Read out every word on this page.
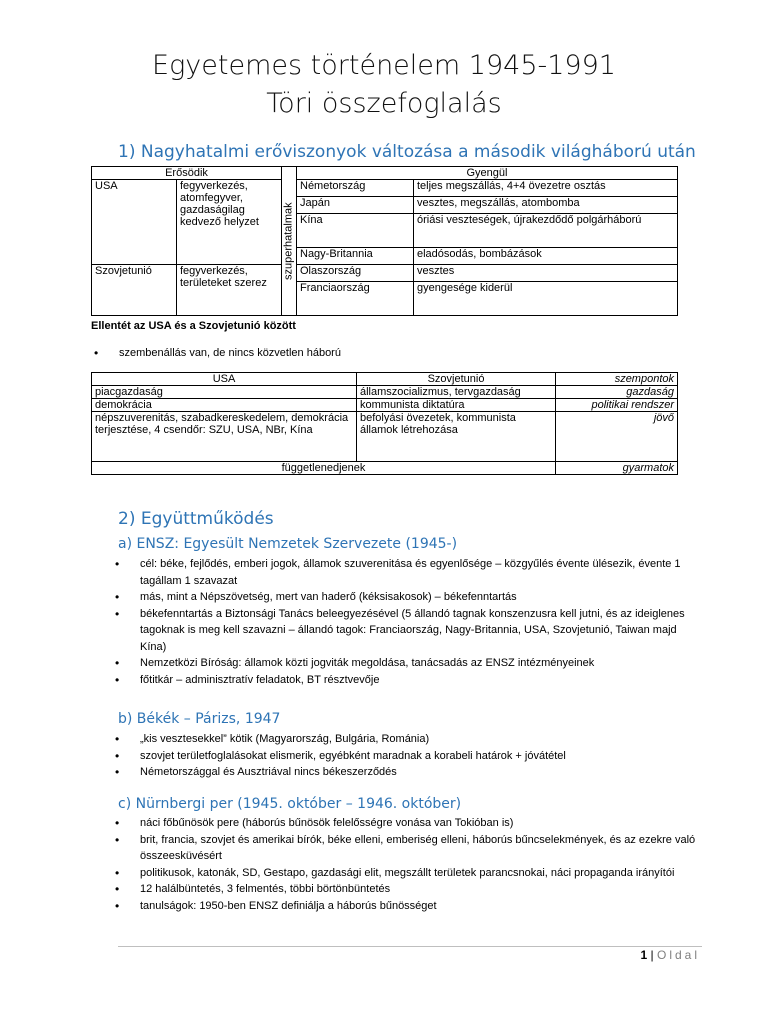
Egyetemes történelem 1945-1991
Töri összefoglalás
1) Nagyhatalmi erőviszonyok változása a második világháború után
Erősödik		szuperhatalmak	Gyengül	
USA	fegyverkezés, atomfegyver, gazdaságilag kedvező helyzet		Németország	teljes megszállás, 4+4 övezetre osztás
			Japán	vesztes, megszállás, atombomba
			Kína	óriási veszteségek, újrakezdődő polgárháború
			Nagy-Britannia	eladósodás, bombázások
Szovjetunió	fegyverkezés, területeket szerez		Olaszország	vesztes
			Franciaország	gyengesége kiderül
Ellentét az USA és a Szovjetunió között
• szembenállás van, de nincs közvetlen háború
USA	Szovjetunió	szempontok
piacgazdaság	államszocializmus, tervgazdaság	gazdaság
demokrácia	kommunista diktatúra	politikai rendszer
népszuverenitás, szabadkereskedelem, demokrácia terjesztése, 4 csendőr: SZU, USA, NBr, Kína	befolyási övezetek, kommunista államok létrehozása	jövő
függetlenedjenek		gyarmatok
2) Együttműködés
a) ENSZ: Egyesült Nemzetek Szervezete (1945-)
• cél: béke, fejlődés, emberi jogok, államok szuverenitása és egyenlősége – közgyűlés évente ülésezik, évente 1 tagállam 1 szavazat
• más, mint a Népszövetség, mert van haderő (kéksisakosok) – békefenntartás
• békefenntartás a Biztonsági Tanács beleegyezésével (5 állandó tagnak konszenzusra kell jutni, és az ideiglenes tagoknak is meg kell szavazni – állandó tagok: Franciaország, Nagy-Britannia, USA, Szovjetunió, Taiwan majd Kína)
• Nemzetközi Bíróság: államok közti jogviták megoldása, tanácsadás az ENSZ intézményeinek
• főtitkár – adminisztratív feladatok, BT résztvevője
b) Békék – Párizs, 1947
• „kis vesztesekkel” kötik (Magyarország, Bulgária, Románia)
• szovjet területfoglalásokat elismerik, egyébként maradnak a korabeli határok + jóvátétel
• Németországgal és Ausztriával nincs békeszerződés
c) Nürnbergi per (1945. október – 1946. október)
• náci főbűnösök pere (háborús bűnösök felelősségre vonása van Tokióban is)
• brit, francia, szovjet és amerikai bírók, béke elleni, emberiség elleni, háborús bűncselekmények, és az ezekre való összeesküvésért
• politikusok, katonák, SD, Gestapo, gazdasági elit, megszállt területek parancsnokai, náci propaganda irányítói
• 12 halálbüntetés, 3 felmentés, többi börtönbüntetés
• tanulságok: 1950-ben ENSZ definiálja a háborús bűnösséget
1 | Oldal
